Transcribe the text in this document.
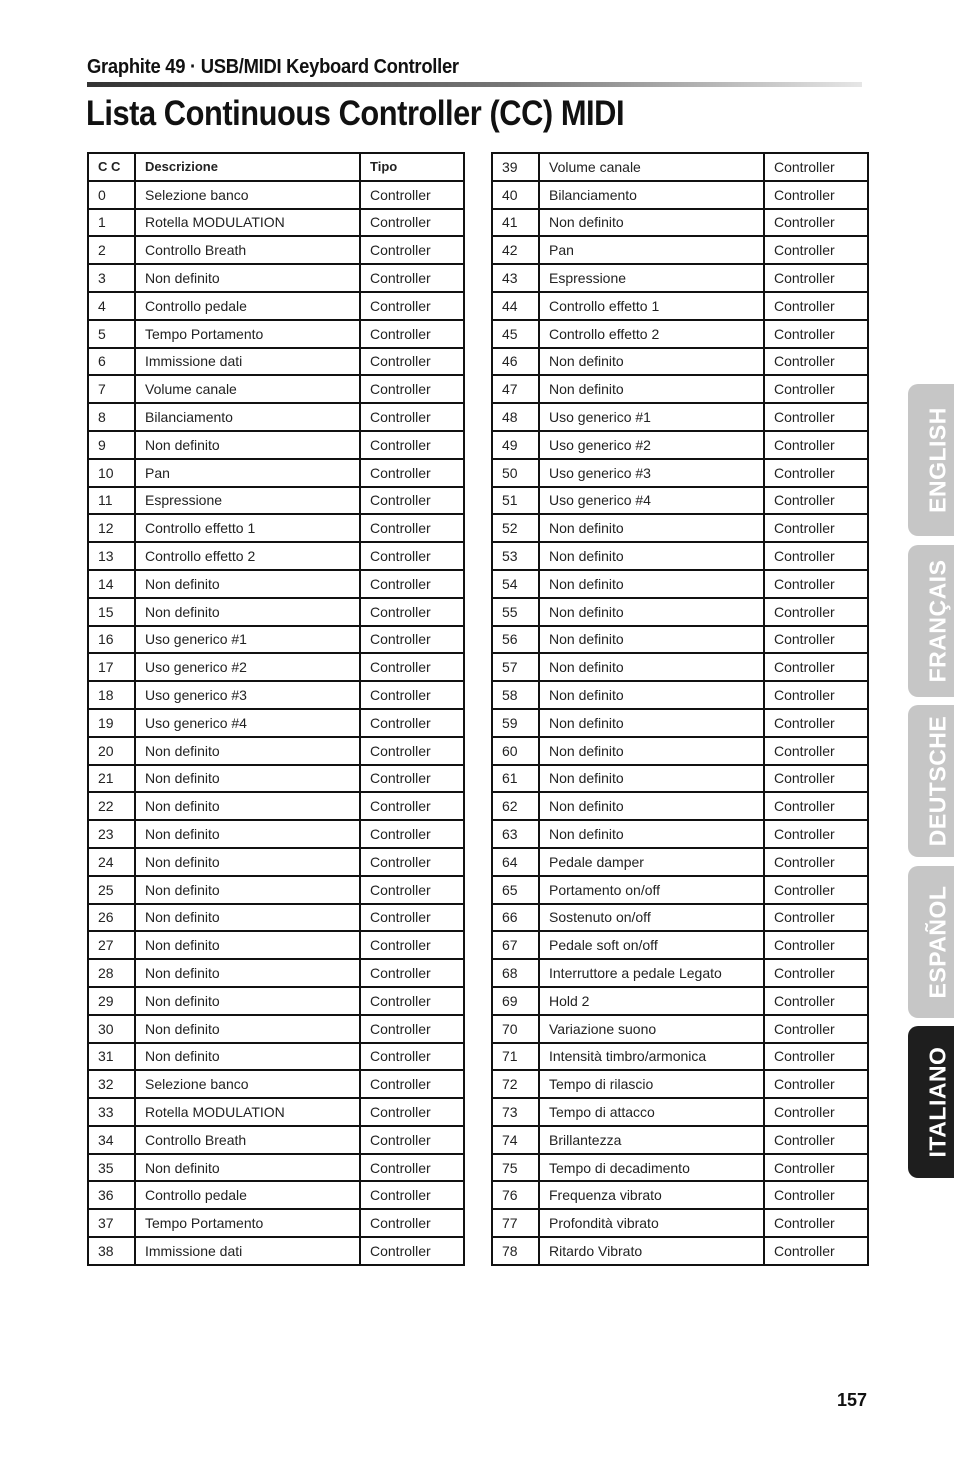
Graphite 49 · USB/MIDI Keyboard Controller
Lista Continuous Controller (CC) MIDI
C C	Descrizione	Tipo
0	Selezione banco	Controller
1	Rotella MODULATION	Controller
2	Controllo Breath	Controller
3	Non definito	Controller
4	Controllo pedale	Controller
5	Tempo Portamento	Controller
6	Immissione dati	Controller
7	Volume canale	Controller
8	Bilanciamento	Controller
9	Non definito	Controller
10	Pan	Controller
11	Espressione	Controller
12	Controllo effetto 1	Controller
13	Controllo effetto 2	Controller
14	Non definito	Controller
15	Non definito	Controller
16	Uso generico #1	Controller
17	Uso generico #2	Controller
18	Uso generico #3	Controller
19	Uso generico #4	Controller
20	Non definito	Controller
21	Non definito	Controller
22	Non definito	Controller
23	Non definito	Controller
24	Non definito	Controller
25	Non definito	Controller
26	Non definito	Controller
27	Non definito	Controller
28	Non definito	Controller
29	Non definito	Controller
30	Non definito	Controller
31	Non definito	Controller
32	Selezione banco	Controller
33	Rotella MODULATION	Controller
34	Controllo Breath	Controller
35	Non definito	Controller
36	Controllo pedale	Controller
37	Tempo Portamento	Controller
38	Immissione dati	Controller
39	Volume canale	Controller
40	Bilanciamento	Controller
41	Non definito	Controller
42	Pan	Controller
43	Espressione	Controller
44	Controllo effetto 1	Controller
45	Controllo effetto 2	Controller
46	Non definito	Controller
47	Non definito	Controller
48	Uso generico #1	Controller
49	Uso generico #2	Controller
50	Uso generico #3	Controller
51	Uso generico #4	Controller
52	Non definito	Controller
53	Non definito	Controller
54	Non definito	Controller
55	Non definito	Controller
56	Non definito	Controller
57	Non definito	Controller
58	Non definito	Controller
59	Non definito	Controller
60	Non definito	Controller
61	Non definito	Controller
62	Non definito	Controller
63	Non definito	Controller
64	Pedale damper	Controller
65	Portamento on/off	Controller
66	Sostenuto on/off	Controller
67	Pedale soft on/off	Controller
68	Interruttore a pedale Legato	Controller
69	Hold 2	Controller
70	Variazione suono	Controller
71	Intensità timbro/armonica	Controller
72	Tempo di rilascio	Controller
73	Tempo di attacco	Controller
74	Brillantezza	Controller
75	Tempo di decadimento	Controller
76	Frequenza vibrato	Controller
77	Profondità vibrato	Controller
78	Ritardo Vibrato	Controller
ENGLISH
FRANÇAIS
DEUTSCHE
ESPAÑOL
ITALIANO
157
